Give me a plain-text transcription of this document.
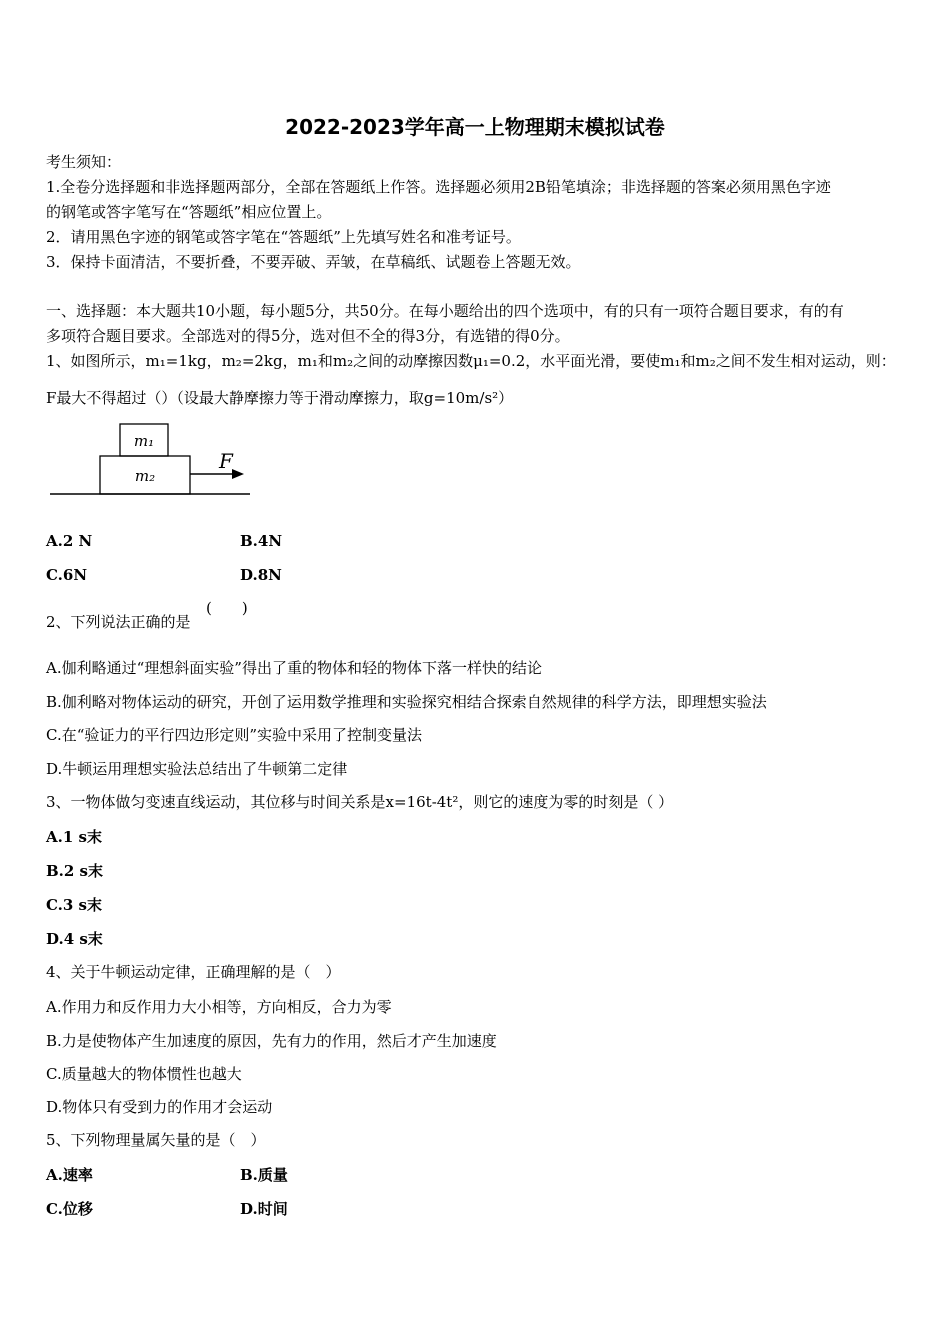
2022-2023学年高一上物理期末模拟试卷
考生须知：
1.全卷分选择题和非选择题两部分，全部在答题纸上作答。选择题必须用2B铅笔填涂；非选择题的答案必须用黑色字迹
的钢笔或答字笔写在“答题纸”相应位置上。
2．请用黑色字迹的钢笔或答字笔在“答题纸”上先填写姓名和准考证号。
3．保持卡面清洁，不要折叠，不要弄破、弄皱，在草稿纸、试题卷上答题无效。
一、选择题：本大题共10小题，每小题5分，共50分。在每小题给出的四个选项中，有的只有一项符合题目要求，有的有
多项符合题目要求。全部选对的得5分，选对但不全的得3分，有选错的得0分。
1、如图所示，m₁=1kg，m₂=2kg，m₁和m₂之间的动摩擦因数μ₁=0.2，水平面光滑，要使m₁和m₂之间不发生相对运动，则：
F最大不得超过（）（设最大静摩擦力等于滑动摩擦力，取g=10m/s²）
m₁
m₂
F
A.2 N	B.4N
C.6N	D.8N
2、下列说法正确的是
(　　)
A.伽利略通过“理想斜面实验”得出了重的物体和轻的物体下落一样快的结论
B.伽利略对物体运动的研究，开创了运用数学推理和实验探究相结合探索自然规律的科学方法，即理想实验法
C.在“验证力的平行四边形定则”实验中采用了控制变量法
D.牛顿运用理想实验法总结出了牛顿第二定律
3、一物体做匀变速直线运动，其位移与时间关系是x=16t-4t²，则它的速度为零的时刻是（ ）
A.1 s末
B.2 s末
C.3 s末
D.4 s末
4、关于牛顿运动定律，正确理解的是（　）
A.作用力和反作用力大小相等，方向相反，合力为零
B.力是使物体产生加速度的原因，先有力的作用，然后才产生加速度
C.质量越大的物体惯性也越大
D.物体只有受到力的作用才会运动
5、下列物理量属矢量的是（　）
A.速率	B.质量
C.位移	D.时间
